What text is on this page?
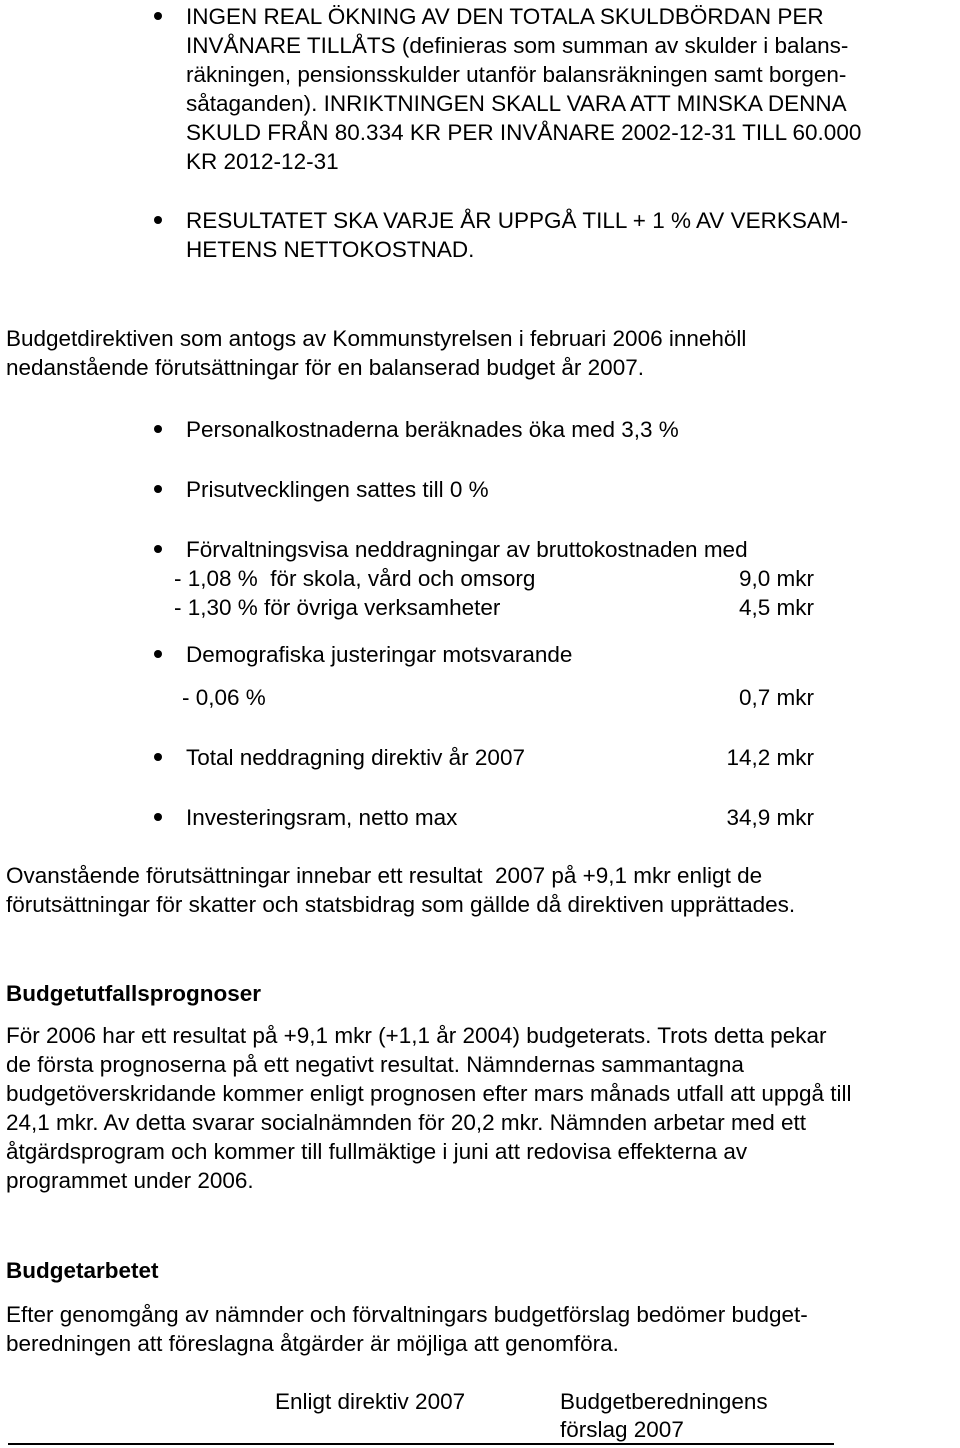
INGEN REAL ÖKNING AV DEN TOTALA SKULDBÖRDAN PER
INVÅNARE TILLÅTS (definieras som summan av skulder i balans-
räkningen, pensionsskulder utanför balansräkningen samt borgen-
såtaganden). INRIKTNINGEN SKALL VARA ATT MINSKA DENNA
SKULD FRÅN 80.334 KR PER INVÅNARE 2002-12-31 TILL 60.000
KR 2012-12-31
RESULTATET SKA VARJE ÅR UPPGÅ TILL + 1 % AV VERKSAM-
HETENS NETTOKOSTNAD.
Budgetdirektiven som antogs av Kommunstyrelsen i februari 2006 innehöll
nedanstående förutsättningar för en balanserad budget år 2007.
Personalkostnaderna beräknades öka med 3,3 %
Prisutvecklingen sattes till 0 %
Förvaltningsvisa neddragningar av bruttokostnaden med
- 1,08 %  för skola, vård och omsorg	9,0 mkr
- 1,30 % för övriga verksamheter	4,5 mkr
Demografiska justeringar motsvarande
- 0,06 %	0,7 mkr
Total neddragning direktiv år 2007	14,2 mkr
Investeringsram, netto max	34,9 mkr
Ovanstående förutsättningar innebar ett resultat  2007 på +9,1 mkr enligt de
förutsättningar för skatter och statsbidrag som gällde då direktiven upprättades.
Budgetutfallsprognoser
För 2006 har ett resultat på +9,1 mkr (+1,1 år 2004) budgeterats. Trots detta pekar
de första prognoserna på ett negativt resultat. Nämndernas sammantagna
budgetöverskridande kommer enligt prognosen efter mars månads utfall att uppgå till
24,1 mkr. Av detta svarar socialnämnden för 20,2 mkr. Nämnden arbetar med ett
åtgärdsprogram och kommer till fullmäktige i juni att redovisa effekterna av
programmet under 2006.
Budgetarbetet
Efter genomgång av nämnder och förvaltningars budgetförslag bedömer budget-
beredningen att föreslagna åtgärder är möjliga att genomföra.
Enligt direktiv 2007	Budgetberedningens
förslag 2007
